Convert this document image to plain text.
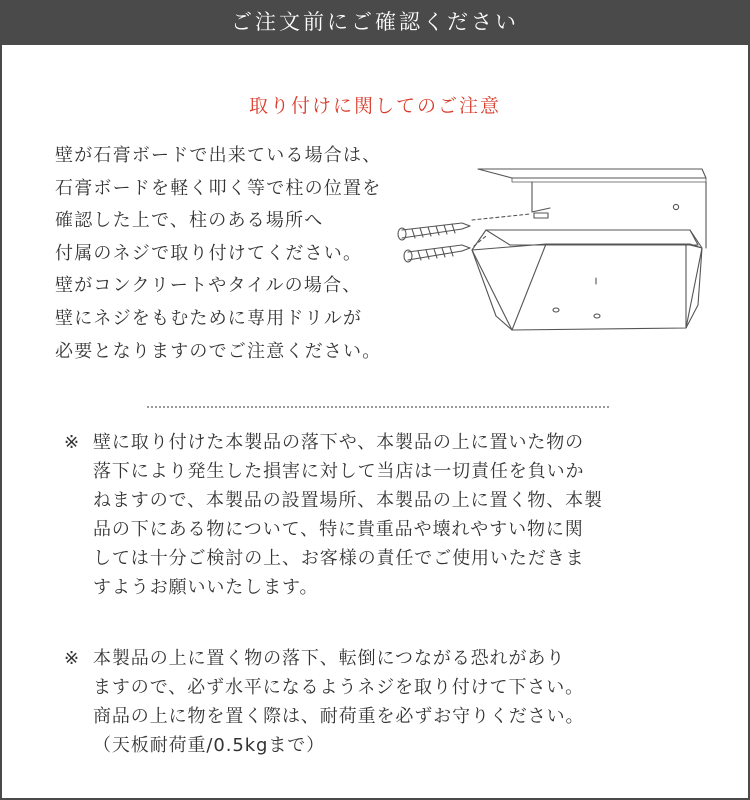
ご注文前にご確認ください
取り付けに関してのご注意
壁が石膏ボードで出来ている場合は、
石膏ボードを軽く叩く等で柱の位置を
確認した上で、柱のある場所へ
付属のネジで取り付けてください。
壁がコンクリートやタイルの場合、
壁にネジをもむために専用ドリルが
必要となりますのでご注意ください。
※ 壁に取り付けた本製品の落下や、本製品の上に置いた物の
落下により発生した損害に対して当店は一切責任を負いか
ねますので、本製品の設置場所、本製品の上に置く物、本製
品の下にある物について、特に貴重品や壊れやすい物に関
しては十分ご検討の上、お客様の責任でご使用いただきま
すようお願いいたします。
※ 本製品の上に置く物の落下、転倒につながる恐れがあり
ますので、必ず水平になるようネジを取り付けて下さい。
商品の上に物を置く際は、耐荷重を必ずお守りください。
（天板耐荷重/0.5kgまで）
